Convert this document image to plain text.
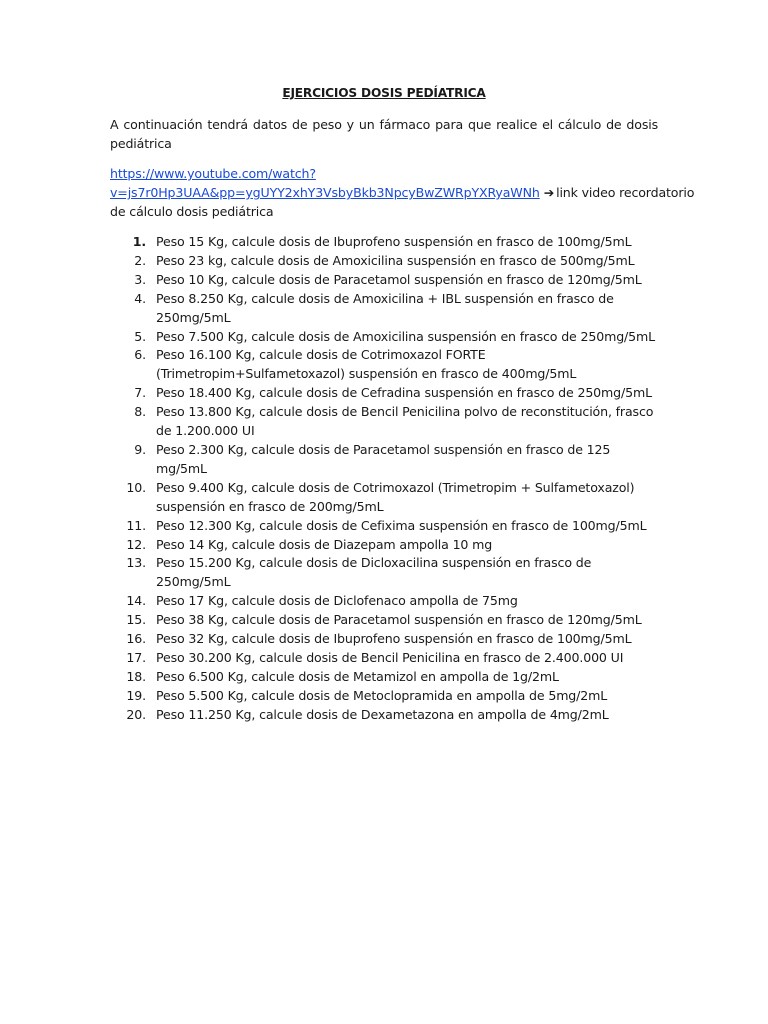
EJERCICIOS DOSIS PEDÍATRICA
A continuación tendrá datos de peso y un fármaco para que realice el cálculo de dosis pediátrica
https://www.youtube.com/watch?
v=js7r0Hp3UAA&pp=ygUYY2xhY3VsbyBkb3NpcyBwZWRpYXRyaWNh ➔ link video recordatorio
de cálculo dosis pediátrica
1. Peso 15 Kg, calcule dosis de Ibuprofeno suspensión en frasco de 100mg/5mL
2. Peso 23 kg, calcule dosis de Amoxicilina suspensión en frasco de 500mg/5mL
3. Peso 10 Kg, calcule dosis de Paracetamol suspensión en frasco de 120mg/5mL
4. Peso 8.250 Kg, calcule dosis de Amoxicilina + IBL suspensión en frasco de 250mg/5mL
5. Peso 7.500 Kg, calcule dosis de Amoxicilina suspensión en frasco de 250mg/5mL
6. Peso 16.100 Kg, calcule dosis de Cotrimoxazol FORTE (Trimetropim+Sulfametoxazol) suspensión en frasco de 400mg/5mL
7. Peso 18.400 Kg, calcule dosis de Cefradina suspensión en frasco de 250mg/5mL
8. Peso 13.800 Kg, calcule dosis de Bencil Penicilina polvo de reconstitución, frasco de 1.200.000 UI
9. Peso 2.300 Kg, calcule dosis de Paracetamol suspensión en frasco de 125 mg/5mL
10. Peso 9.400 Kg, calcule dosis de Cotrimoxazol (Trimetropim + Sulfametoxazol) suspensión en frasco de 200mg/5mL
11. Peso 12.300 Kg, calcule dosis de Cefixima suspensión en frasco de 100mg/5mL
12. Peso 14 Kg, calcule dosis de Diazepam ampolla 10 mg
13. Peso 15.200 Kg, calcule dosis de Dicloxacilina suspensión en frasco de 250mg/5mL
14. Peso 17 Kg, calcule dosis de Diclofenaco ampolla de 75mg
15. Peso 38 Kg, calcule dosis de Paracetamol suspensión en frasco de 120mg/5mL
16. Peso 32 Kg, calcule dosis de Ibuprofeno suspensión en frasco de 100mg/5mL
17. Peso 30.200 Kg, calcule dosis de Bencil Penicilina en frasco de 2.400.000 UI
18. Peso 6.500 Kg, calcule dosis de Metamizol en ampolla de 1g/2mL
19. Peso 5.500 Kg, calcule dosis de Metoclopramida en ampolla de 5mg/2mL
20. Peso 11.250 Kg, calcule dosis de Dexametazona en ampolla de 4mg/2mL
